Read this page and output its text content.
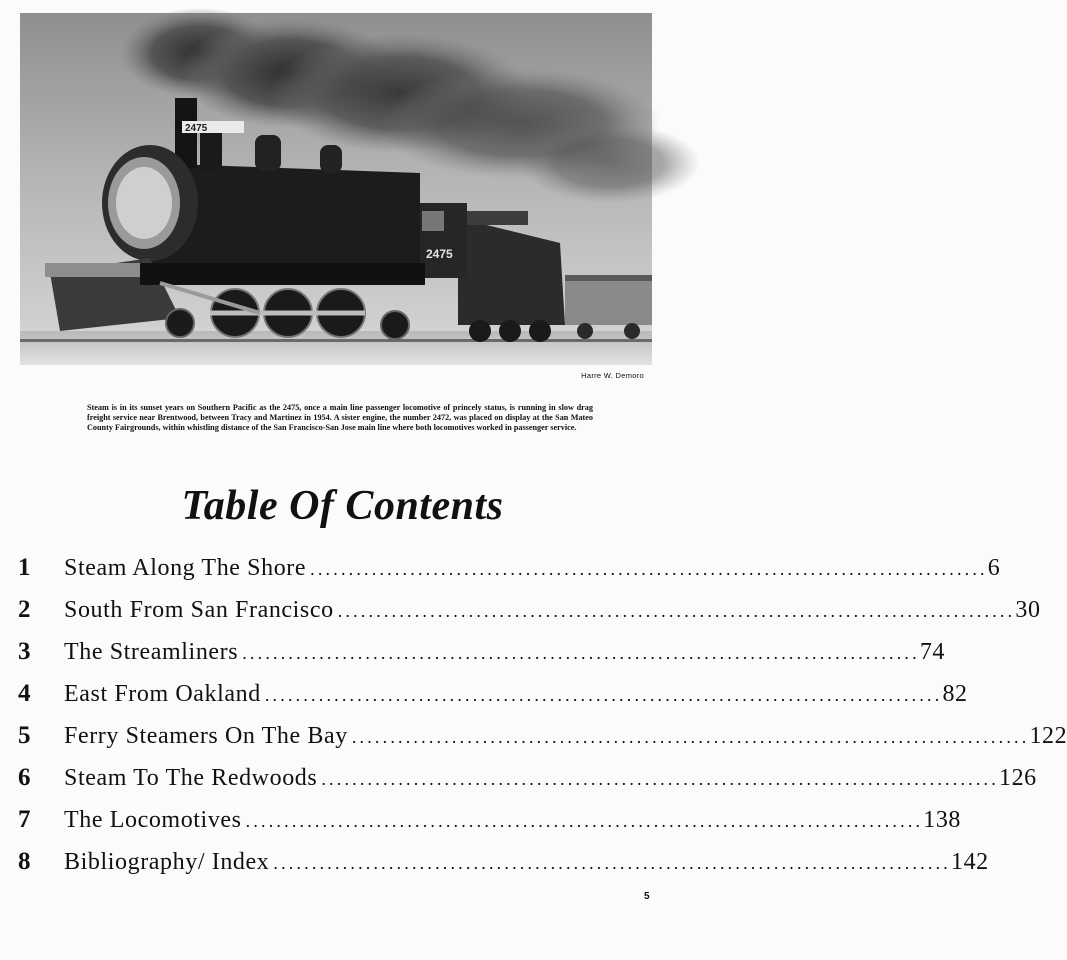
2475
2475
Harre W. Demoro
Steam is in its sunset years on Southern Pacific as the 2475, once a main line passenger locomotive of princely status, is running in slow drag freight service near Brentwood, between Tracy and Martinez in 1954. A sister engine, the number 2472, was placed on display at the San Mateo County Fairgrounds, within whistling distance of the San Francisco-San Jose main line where both locomotives worked in passenger service.
Table Of Contents
1	Steam Along The Shore ........................................................................................ 6
2	South From San Francisco ........................................................................................ 30
3	The Streamliners ........................................................................................ 74
4	East From Oakland ........................................................................................ 82
5	Ferry Steamers On The Bay ........................................................................................ 122
6	Steam To The Redwoods ........................................................................................ 126
7	The Locomotives ........................................................................................ 138
8	Bibliography/ Index ........................................................................................ 142
5
